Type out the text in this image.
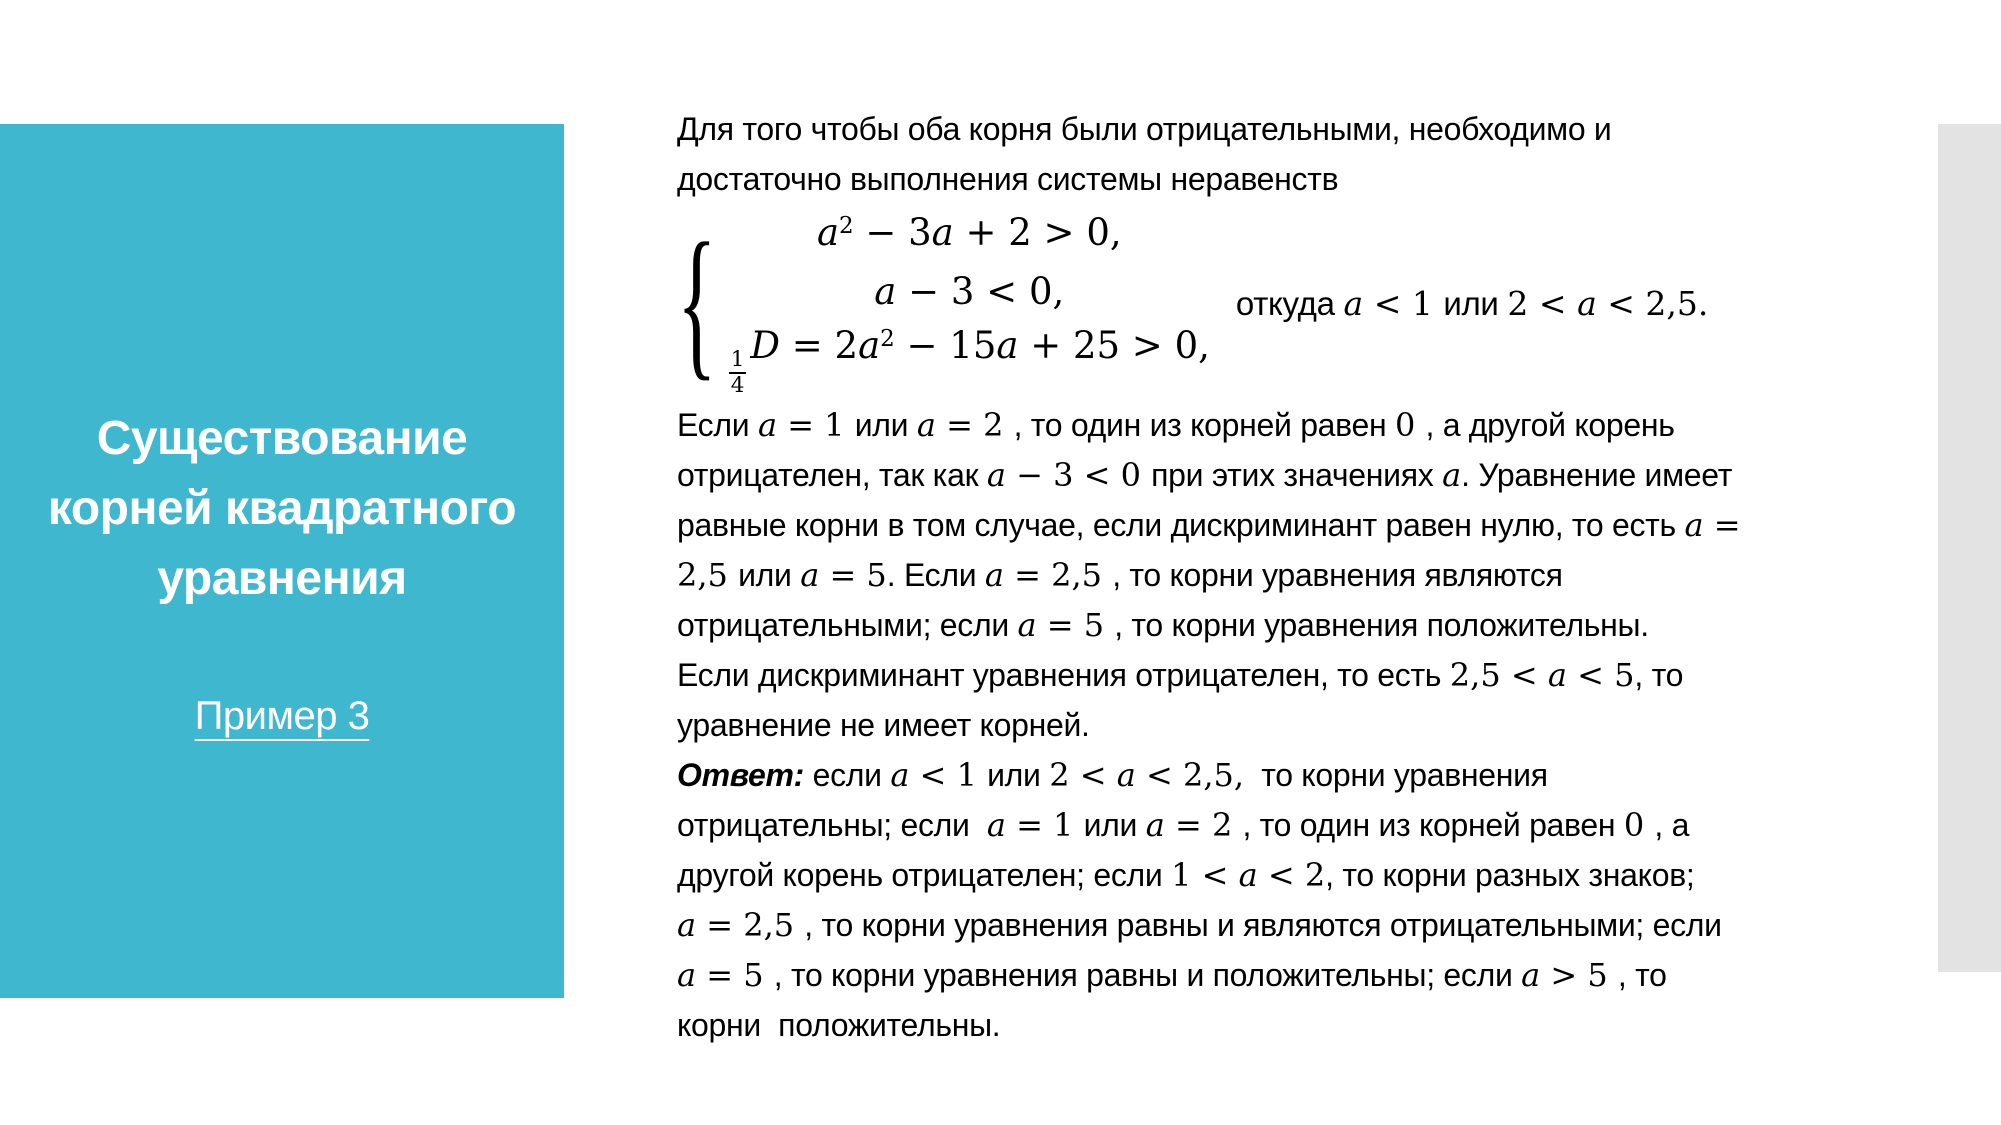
Существование
корней квадратного
уравнения
Пример 3
Для того чтобы оба корня были отрицательными, необходимо и
достаточно выполнения системы неравенств
{	$a^2 - 3a + 2 > 0$,
a − 3 < 0,
$\frac{1}{4}$
$D = 2a^2 - 15a + 25 > 0$,
откуда a < 1 или 2 < a < 2,5.
Если a = 1 или a = 2 , то один из корней равен 0 , а другой корень
отрицателен, так как a − 3 < 0 при этих значениях a. Уравнение имеет
равные корни в том случае, если дискриминант равен нулю, то есть a =
2,5 или a = 5. Если a = 2,5 , то корни уравнения являются
отрицательными; если a = 5 , то корни уравнения положительны.
Если дискриминант уравнения отрицателен, то есть 2,5 < a < 5, то
уравнение не имеет корней.
Ответ: если a < 1 или 2 < a < 2,5,  то корни уравнения
отрицательны; если  a = 1 или a = 2 , то один из корней равен 0 , а
другой корень отрицателен; если 1 < a < 2, то корни разных знаков;
a = 2,5 , то корни уравнения равны и являются отрицательными; если
a = 5 , то корни уравнения равны и положительны; если a > 5 , то
корни  положительны.
